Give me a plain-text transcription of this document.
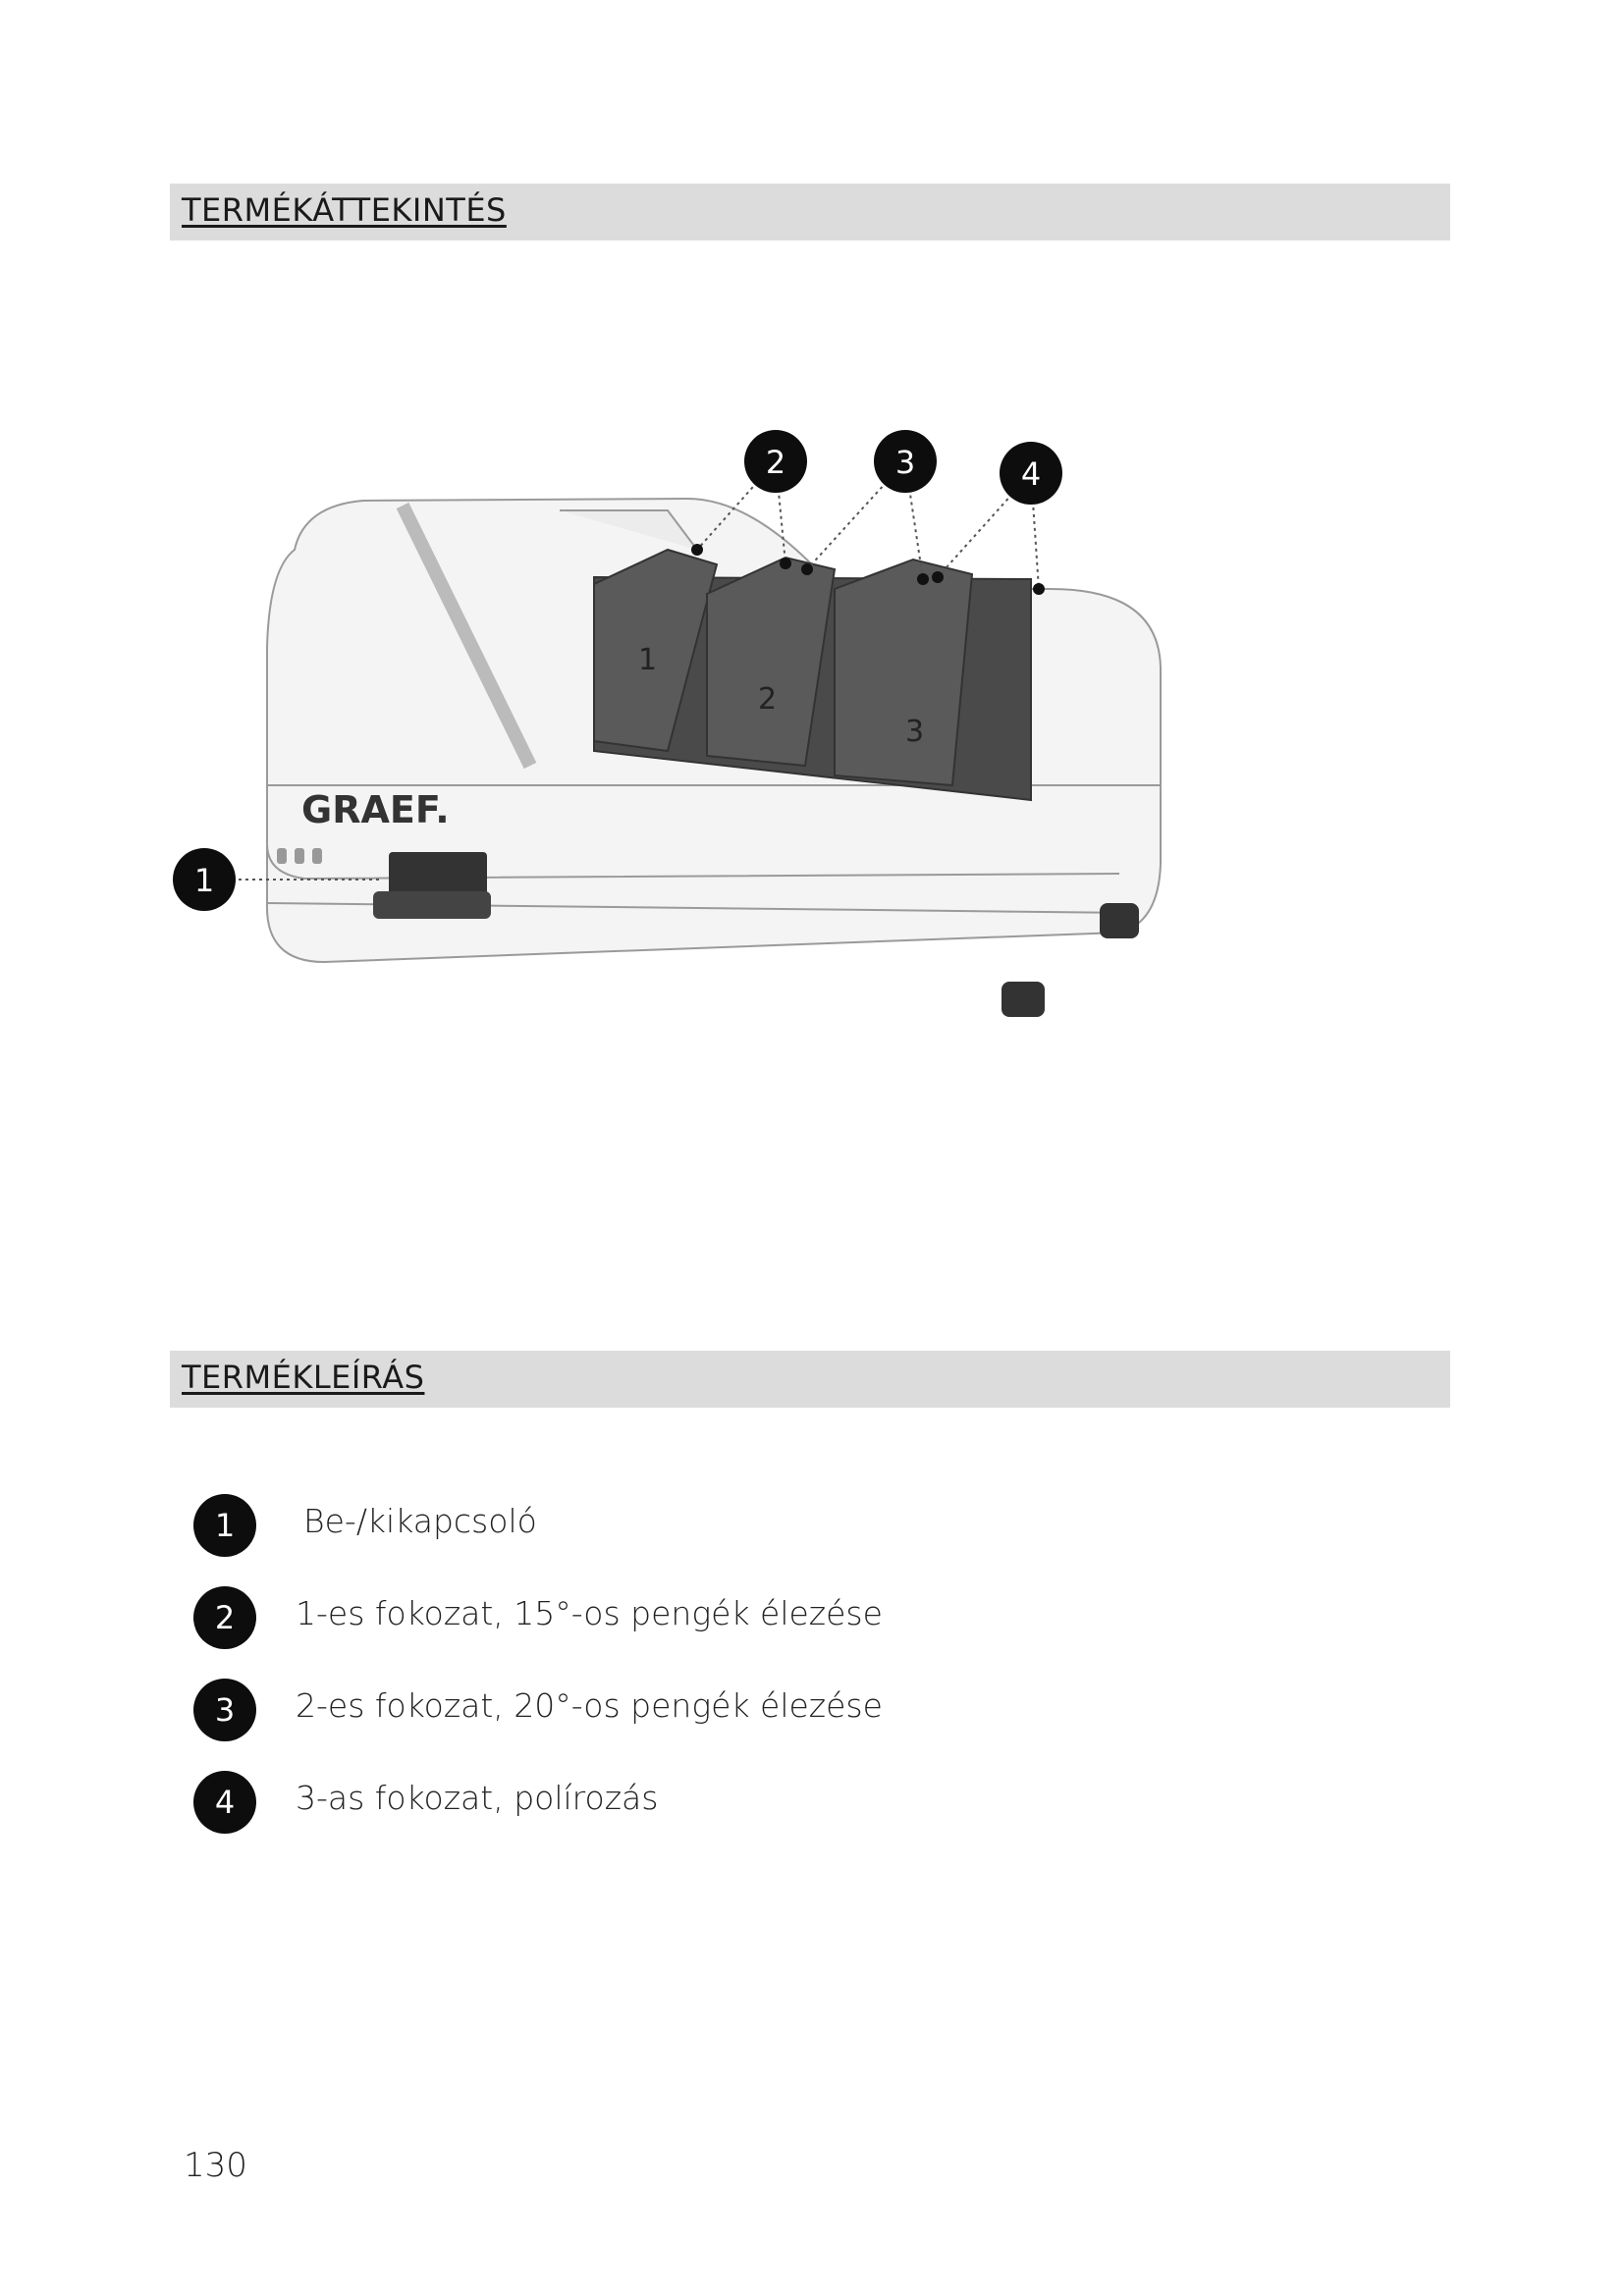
TERMÉKÁTTEKINTÉS
1
2
3
GRAEF.
1
2	3	4
TERMÉKLEÍRÁS
1	Be-/kikapcsoló
2	1-es fokozat, 15°-os pengék élezése
3	2-es fokozat, 20°-os pengék élezése
4	3-as fokozat, polírozás
130
